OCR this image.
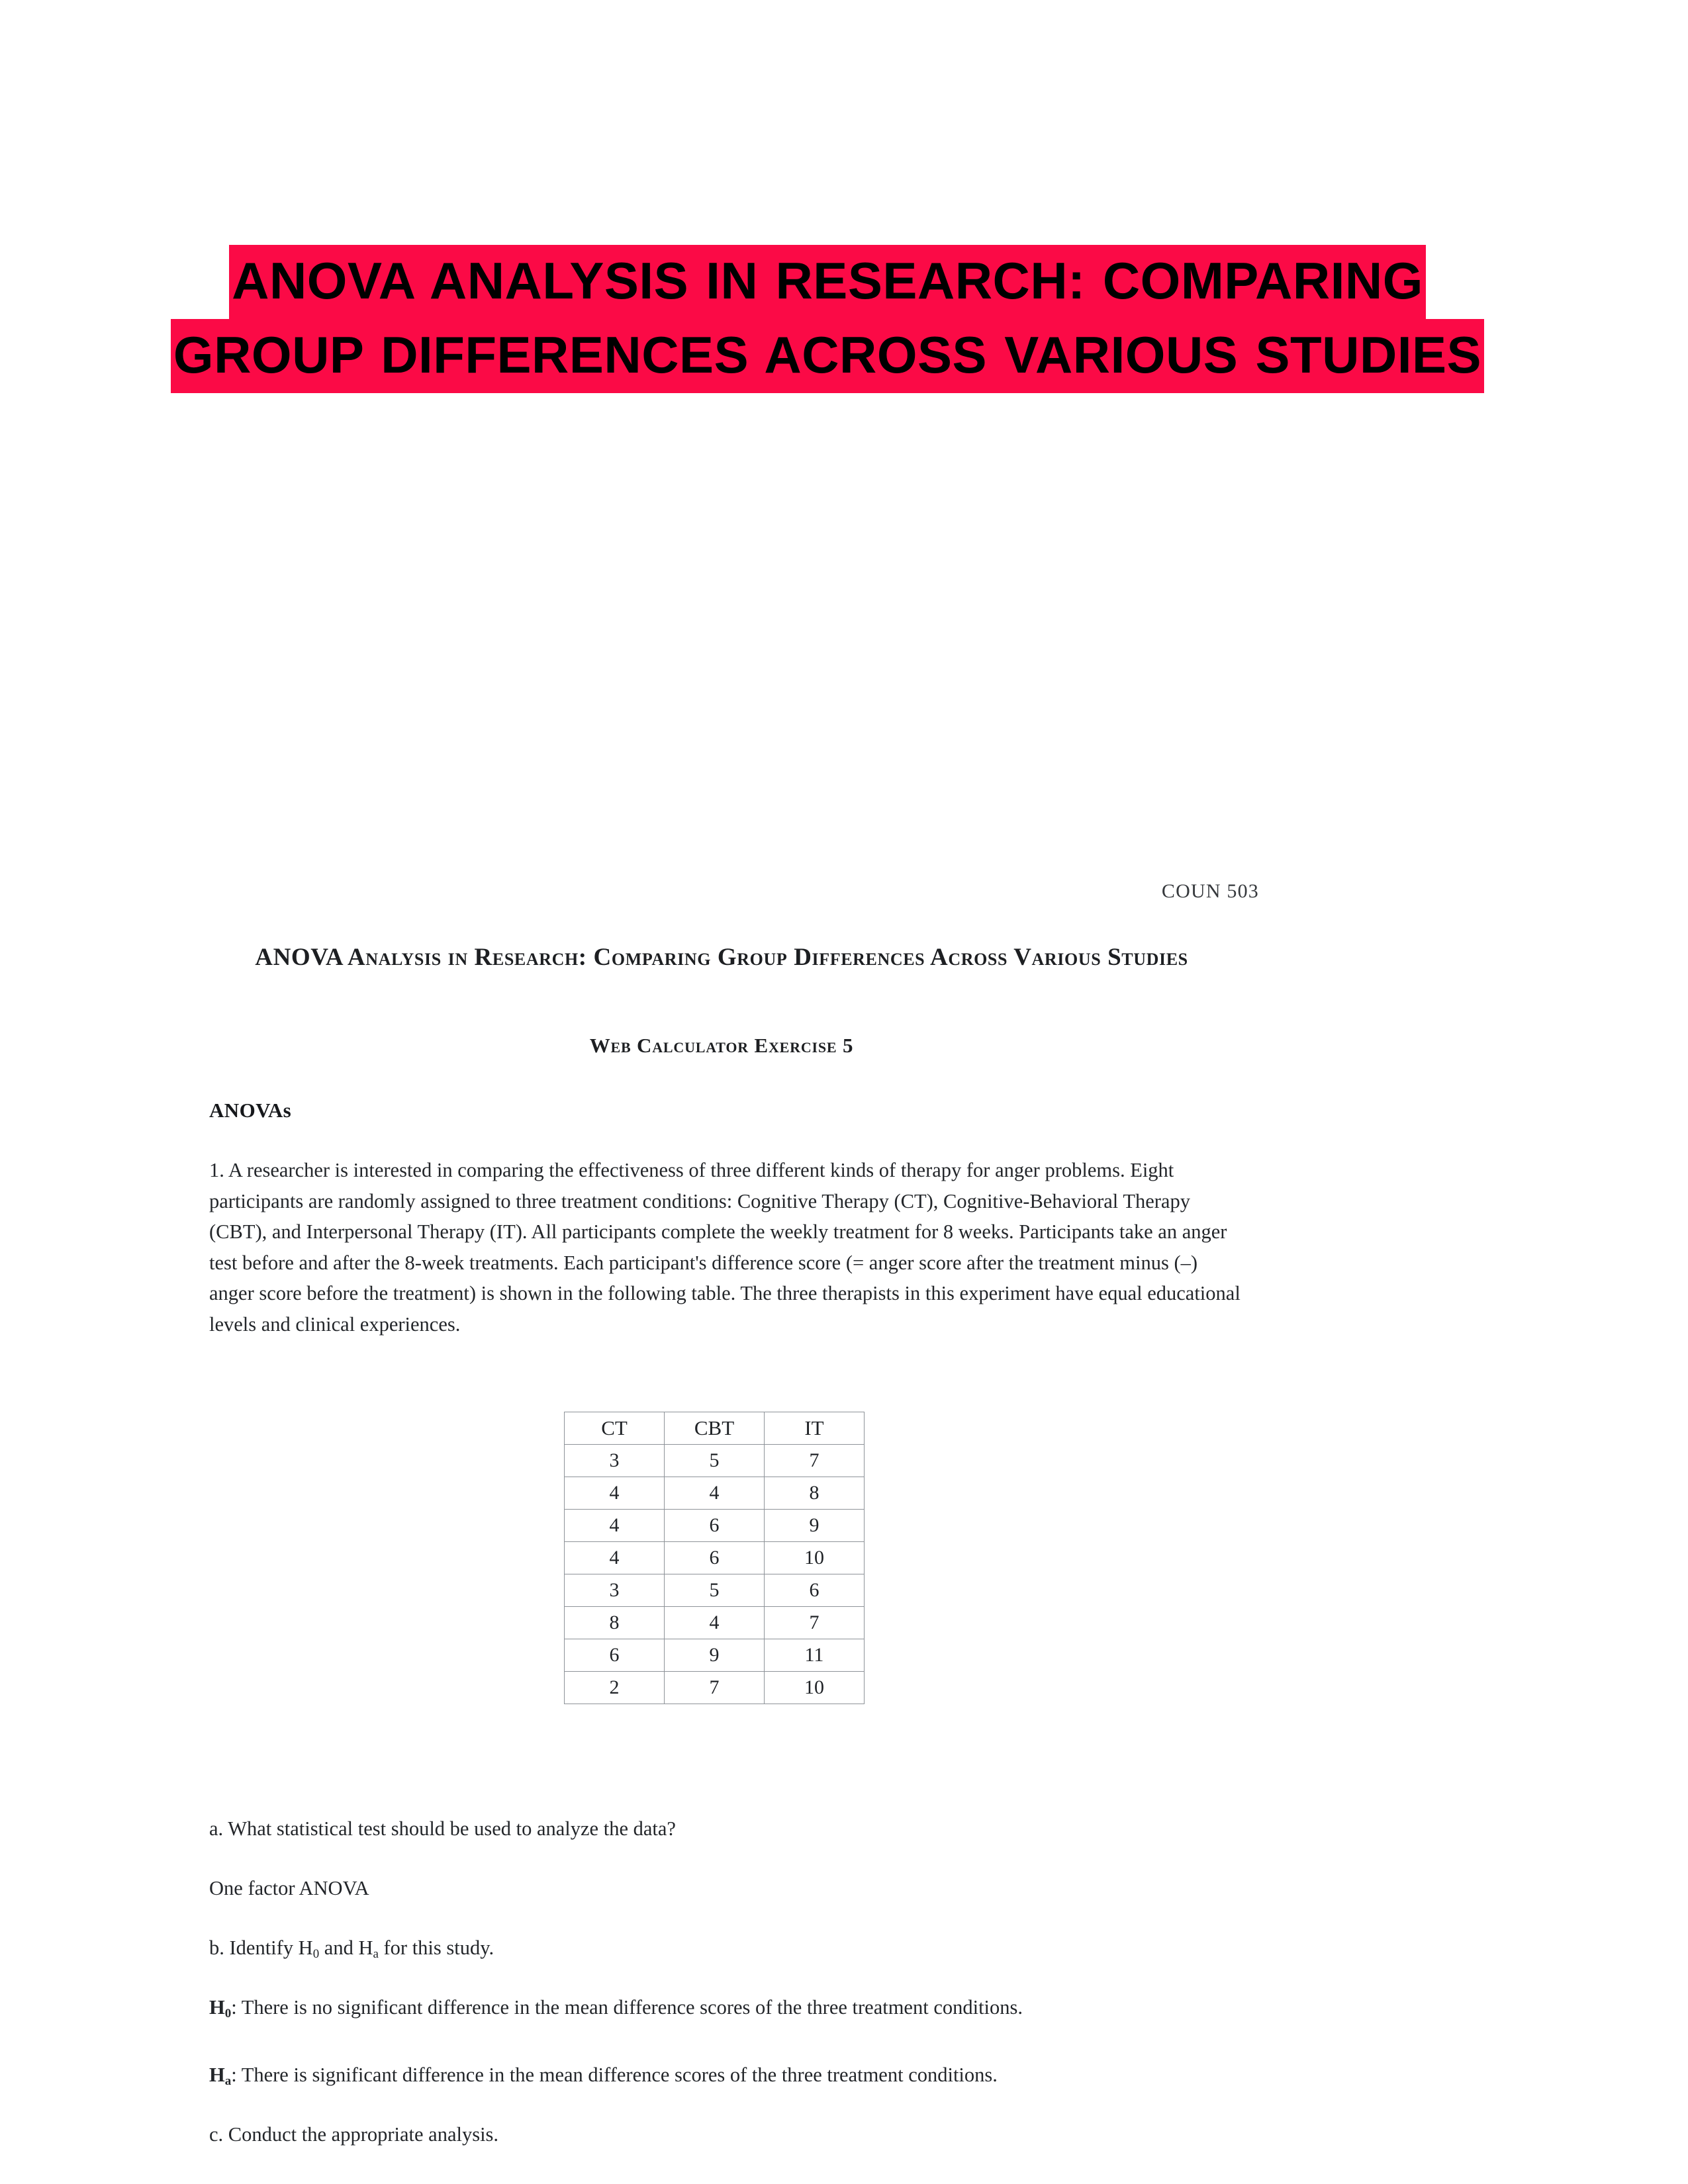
ANOVA ANALYSIS IN RESEARCH: COMPARING GROUP DIFFERENCES ACROSS VARIOUS STUDIES
COUN 503
ANOVA Analysis in Research: Comparing Group Differences Across Various Studies
Web Calculator Exercise 5
ANOVAs
1. A researcher is interested in comparing the effectiveness of three different kinds of therapy for anger problems. Eight participants are randomly assigned to three treatment conditions: Cognitive Therapy (CT), Cognitive-Behavioral Therapy (CBT), and Interpersonal Therapy (IT). All participants complete the weekly treatment for 8 weeks. Participants take an anger test before and after the 8-week treatments. Each participant's difference score (= anger score after the treatment minus (–) anger score before the treatment) is shown in the following table. The three therapists in this experiment have equal educational levels and clinical experiences.
CT	CBT	IT
3	5	7
4	4	8
4	6	9
4	6	10
3	5	6
8	4	7
6	9	11
2	7	10
a. What statistical test should be used to analyze the data?
One factor ANOVA
b. Identify $H_0$ and $H_a$ for this study.
$H_0$: There is no significant difference in the mean difference scores of the three treatment conditions.
$H_a$: There is significant difference in the mean difference scores of the three treatment conditions.
c. Conduct the appropriate analysis.
